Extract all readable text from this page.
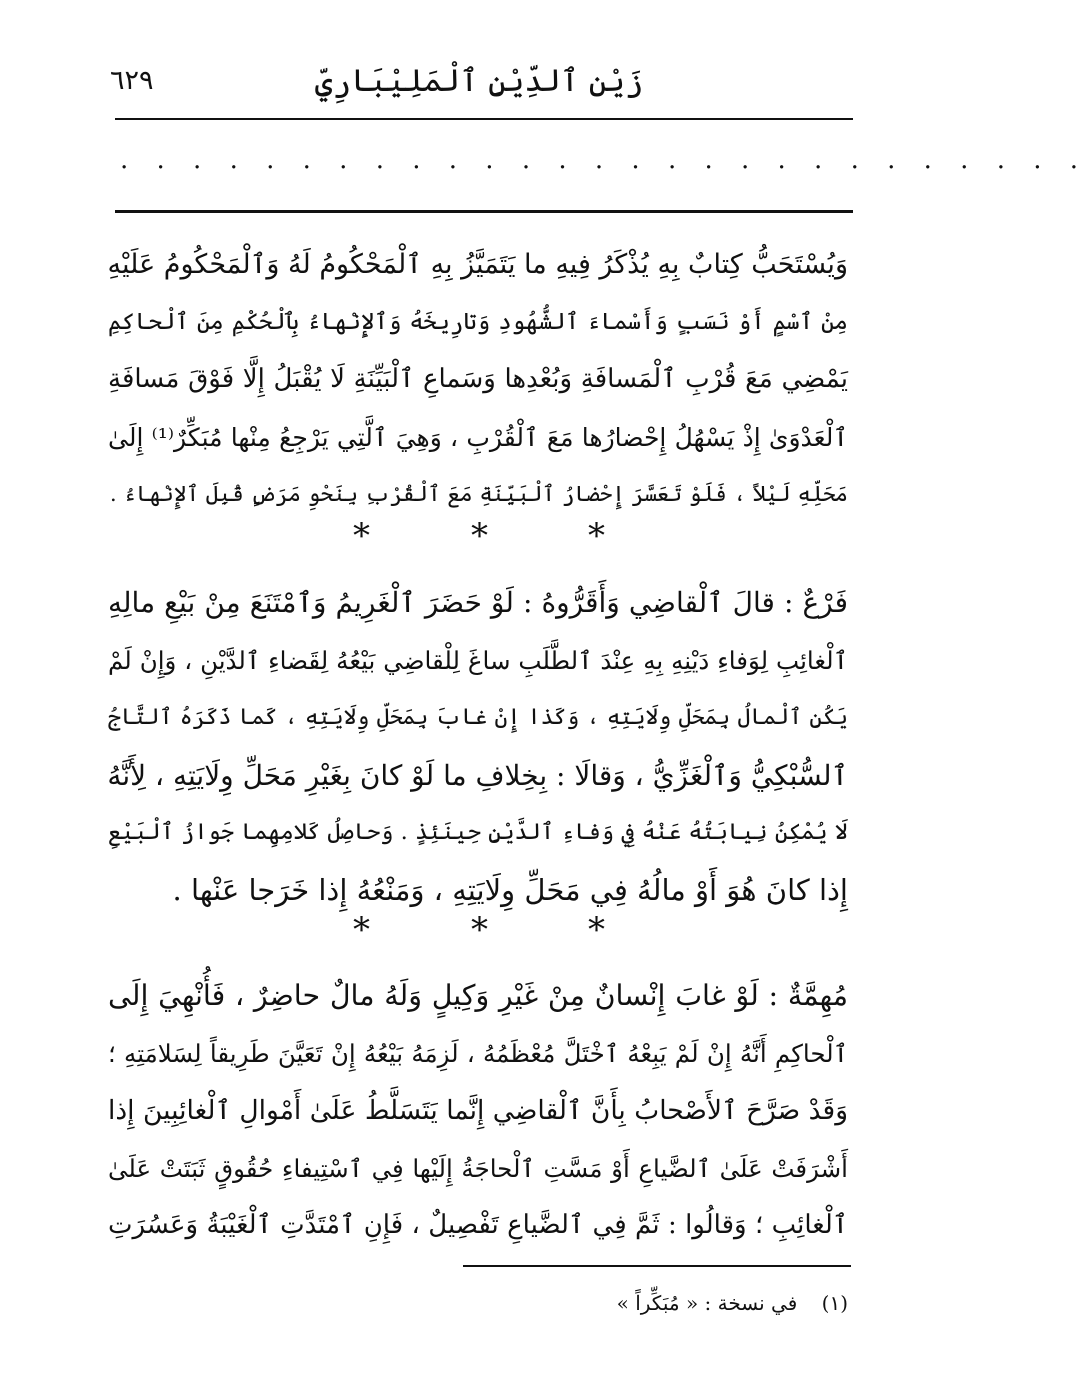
زَيْن ٱلدِّيْنِ ٱلْمَلِيْبَارِيِّ
٦٢٩
. . . . . . . . . . . . . . . . . . . . . . . . . . .
وَيُسْتَحَبُّ كِتابٌ بِهِ يُذْكَرُ فِيهِ ما يَتَمَيَّزُ بِهِ ٱلْمَحْكُومُ لَهُ وَٱلْمَحْكُومُ عَلَيْهِ
مِنْ ٱسْمٍ أَوْ نَسَبٍ وَأَسْماءَ ٱلشُّهُودِ وَتارِيخَهُ وَٱلإِنْهاءُ بِٱلْحُكْمِ مِنَ ٱلْحاكِمِ
يَمْضِي مَعَ قُرْبِ ٱلْمَسافَةِ وَبُعْدِها وَسَماعِ ٱلْبَيِّنَةِ لَا يُقْبَلُ إِلَّا فَوْقَ مَسافَةِ
ٱلْعَدْوَىٰ إِذْ يَسْهُلُ إِحْضارُها مَعَ ٱلْقُرْبِ ، وَهِيَ ٱلَّتِي يَرْجِعُ مِنْها مُبَكِّرٌ⁽¹⁾ إِلَىٰ
مَحَلِّهِ لَيْلاً ، فَلَوْ تَعَسَّرَ إِحْضارُ ٱلْبَيِّنَةِ مَعَ ٱلْقُرْبِ بِنَحْوِ مَرَضٍ قُبِلَ ٱلإِنْهاءُ .
*	*	*
فَرْعٌ : قالَ ٱلْقاضِي وَأَقَرُّوهُ : لَوْ حَضَرَ ٱلْغَرِيمُ وَٱمْتَنَعَ مِنْ بَيْعِ مالِهِ
ٱلْغائِبِ لِوَفاءِ دَيْنِهِ بِهِ عِنْدَ ٱلطَّلَبِ ساغَ لِلْقاضِي بَيْعُهُ لِقَضاءِ ٱلدَّيْنِ ، وَإِنْ لَمْ
يَكُنِ ٱلْمالُ بِمَحَلِّ وِلَايَتِهِ ، وَكَذا إِنْ غابَ بِمَحَلِّ وِلَايَتِهِ ، كَما ذَكَرَهُ ٱلتَّاجُ
ٱلسُّبْكِيُّ وَٱلْغَزِّيُّ ، وَقالَا : بِخِلافِ ما لَوْ كانَ بِغَيْرِ مَحَلِّ وِلَايَتِهِ ، لِأَنَّهُ
لَا يُمْكِنُ نِيابَتُهُ عَنْهُ فِي وَفاءِ ٱلدَّيْنِ حِينَئِذٍ . وَحاصِلُ كَلامِهِما جَوازُ ٱلْبَيْعِ
إِذا كانَ هُوَ أَوْ مالُهُ فِي مَحَلِّ وِلَايَتِهِ ، وَمَنْعُهُ إِذا خَرَجا عَنْها .
*	*	*
مُهِمَّةٌ : لَوْ غابَ إِنْسانٌ مِنْ غَيْرِ وَكِيلٍ وَلَهُ مالٌ حاضِرٌ ، فَأُنْهِيَ إِلَى
ٱلْحاكِمِ أَنَّهُ إِنْ لَمْ يَبِعْهُ ٱخْتَلَّ مُعْظَمُهُ ، لَزِمَهُ بَيْعُهُ إِنْ تَعَيَّنَ طَرِيقاً لِسَلامَتِهِ ؛
وَقَدْ صَرَّحَ ٱلأَصْحابُ بِأَنَّ ٱلْقاضِي إِنَّما يَتَسَلَّطُ عَلَىٰ أَمْوالِ ٱلْغائِبِينَ إِذا
أَشْرَفَتْ عَلَىٰ ٱلضَّياعِ أَوْ مَسَّتِ ٱلْحاجَةُ إِلَيْها فِي ٱسْتِيفاءِ حُقُوقٍ ثَبَتَتْ عَلَىٰ
ٱلْغائِبِ ؛ وَقالُوا : ثَمَّ فِي ٱلضَّياعِ تَفْصِيلٌ ، فَإِنِ ٱمْتَدَّتِ ٱلْغَيْبَةُ وَعَسُرَتِ
(١) في نسخة : « مُبَكِّراً »
